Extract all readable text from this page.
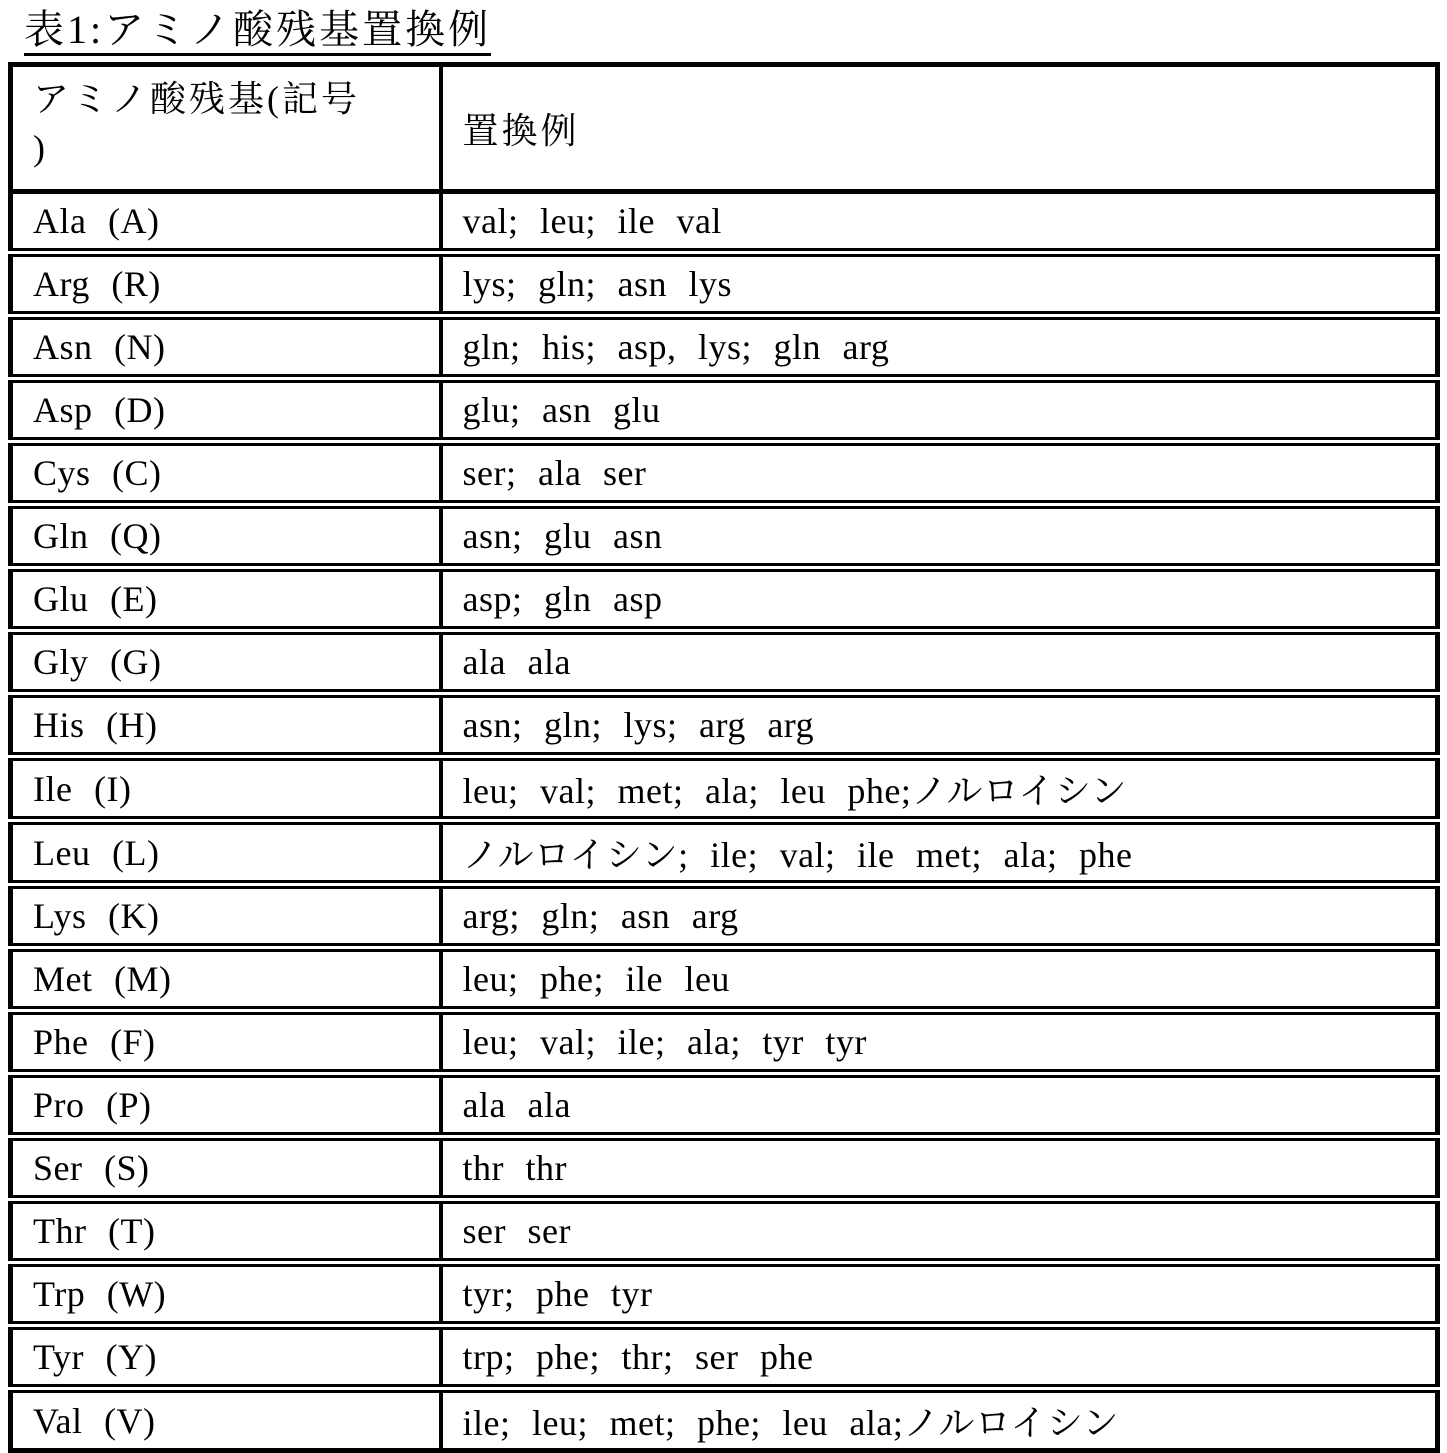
表1:アミノ酸残基置換例
アミノ酸残基(記号
)	置換例
Ala (A)	val; leu; ile val
Arg (R)	lys; gln; asn lys
Asn (N)	gln; his; asp, lys; gln arg
Asp (D)	glu; asn glu
Cys (C)	ser; ala ser
Gln (Q)	asn; glu asn
Glu (E)	asp; gln asp
Gly (G)	ala ala
His (H)	asn; gln; lys; arg arg
Ile (I)	leu; val; met; ala; leu phe;ノルロイシン
Leu (L)	ノルロイシン; ile; val; ile met; ala; phe
Lys (K)	arg; gln; asn arg
Met (M)	leu; phe; ile leu
Phe (F)	leu; val; ile; ala; tyr tyr
Pro (P)	ala ala
Ser (S)	thr thr
Thr (T)	ser ser
Trp (W)	tyr; phe tyr
Tyr (Y)	trp; phe; thr; ser phe
Val (V)	ile; leu; met; phe; leu ala;ノルロイシン
